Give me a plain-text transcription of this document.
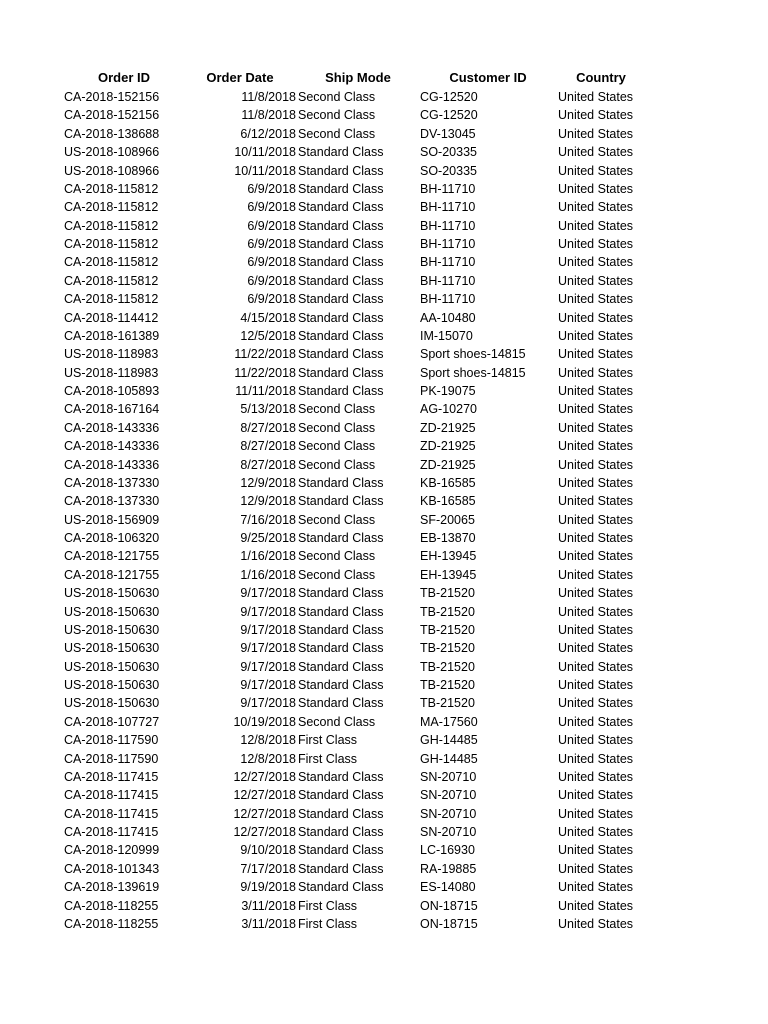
Order ID	Order Date	Ship Mode	Customer ID	Country
CA-2018-152156	11/8/2018 Second Class	CG-12520	United States
CA-2018-152156	11/8/2018 Second Class	CG-12520	United States
CA-2018-138688	6/12/2018 Second Class	DV-13045	United States
US-2018-108966	10/11/2018 Standard Class	SO-20335	United States
US-2018-108966	10/11/2018 Standard Class	SO-20335	United States
CA-2018-115812	6/9/2018 Standard Class	BH-11710	United States
CA-2018-115812	6/9/2018 Standard Class	BH-11710	United States
CA-2018-115812	6/9/2018 Standard Class	BH-11710	United States
CA-2018-115812	6/9/2018 Standard Class	BH-11710	United States
CA-2018-115812	6/9/2018 Standard Class	BH-11710	United States
CA-2018-115812	6/9/2018 Standard Class	BH-11710	United States
CA-2018-115812	6/9/2018 Standard Class	BH-11710	United States
CA-2018-114412	4/15/2018 Standard Class	AA-10480	United States
CA-2018-161389	12/5/2018 Standard Class	IM-15070	United States
US-2018-118983	11/22/2018 Standard Class	Sport shoes-14815	United States
US-2018-118983	11/22/2018 Standard Class	Sport shoes-14815	United States
CA-2018-105893	11/11/2018 Standard Class	PK-19075	United States
CA-2018-167164	5/13/2018 Second Class	AG-10270	United States
CA-2018-143336	8/27/2018 Second Class	ZD-21925	United States
CA-2018-143336	8/27/2018 Second Class	ZD-21925	United States
CA-2018-143336	8/27/2018 Second Class	ZD-21925	United States
CA-2018-137330	12/9/2018 Standard Class	KB-16585	United States
CA-2018-137330	12/9/2018 Standard Class	KB-16585	United States
US-2018-156909	7/16/2018 Second Class	SF-20065	United States
CA-2018-106320	9/25/2018 Standard Class	EB-13870	United States
CA-2018-121755	1/16/2018 Second Class	EH-13945	United States
CA-2018-121755	1/16/2018 Second Class	EH-13945	United States
US-2018-150630	9/17/2018 Standard Class	TB-21520	United States
US-2018-150630	9/17/2018 Standard Class	TB-21520	United States
US-2018-150630	9/17/2018 Standard Class	TB-21520	United States
US-2018-150630	9/17/2018 Standard Class	TB-21520	United States
US-2018-150630	9/17/2018 Standard Class	TB-21520	United States
US-2018-150630	9/17/2018 Standard Class	TB-21520	United States
US-2018-150630	9/17/2018 Standard Class	TB-21520	United States
CA-2018-107727	10/19/2018 Second Class	MA-17560	United States
CA-2018-117590	12/8/2018 First Class	GH-14485	United States
CA-2018-117590	12/8/2018 First Class	GH-14485	United States
CA-2018-117415	12/27/2018 Standard Class	SN-20710	United States
CA-2018-117415	12/27/2018 Standard Class	SN-20710	United States
CA-2018-117415	12/27/2018 Standard Class	SN-20710	United States
CA-2018-117415	12/27/2018 Standard Class	SN-20710	United States
CA-2018-120999	9/10/2018 Standard Class	LC-16930	United States
CA-2018-101343	7/17/2018 Standard Class	RA-19885	United States
CA-2018-139619	9/19/2018 Standard Class	ES-14080	United States
CA-2018-118255	3/11/2018 First Class	ON-18715	United States
CA-2018-118255	3/11/2018 First Class	ON-18715	United States
